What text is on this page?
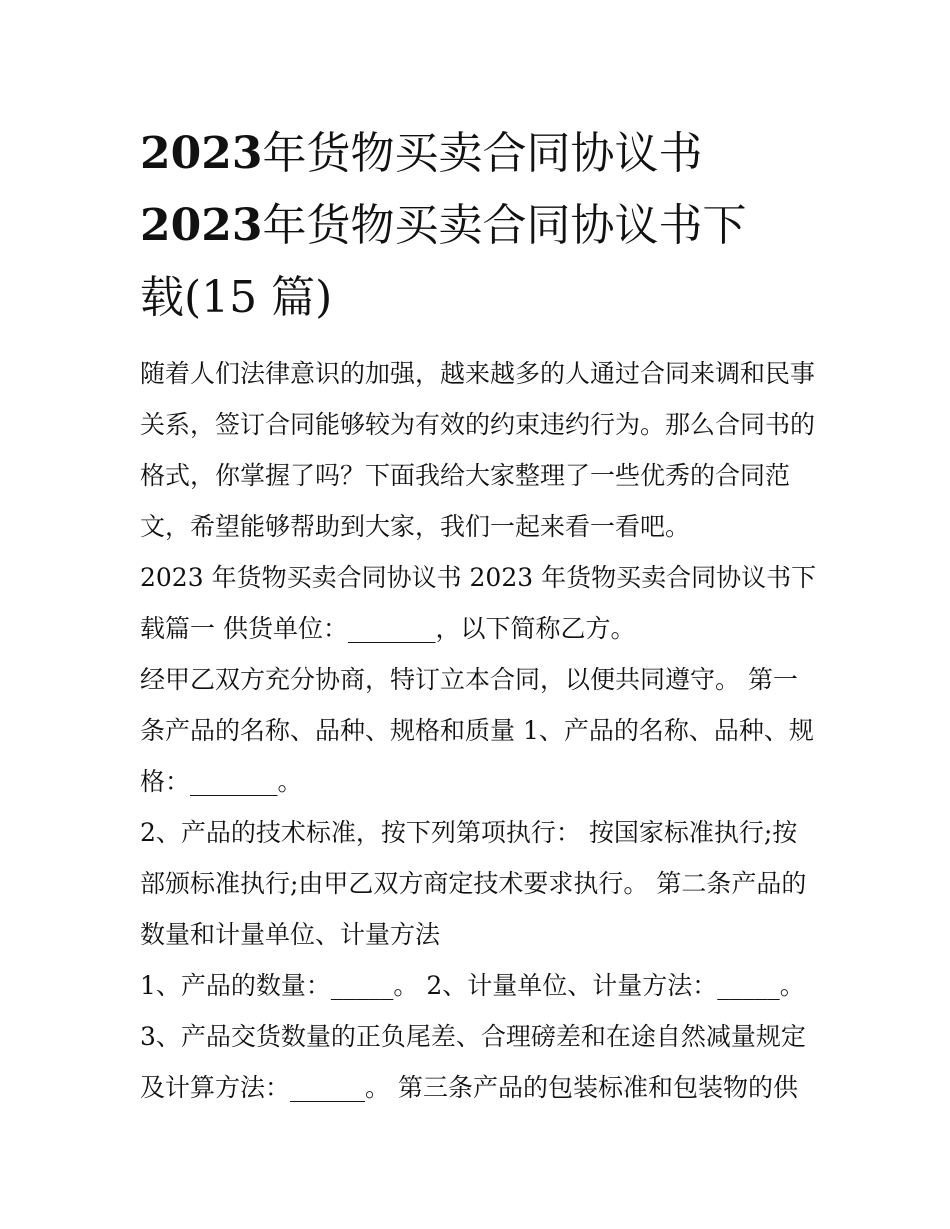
2023年货物买卖合同协议书
2023年货物买卖合同协议书下
载(15 篇)

随着人们法律意识的加强，越来越多的人通过合同来调和民事关系，签订合同能够较为有效的约束违约行为。那么合同书的格式，你掌握了吗？下面我给大家整理了一些优秀的合同范文，希望能够帮助到大家，我们一起来看一看吧。

2023 年货物买卖合同协议书 2023 年货物买卖合同协议书下载篇一 供货单位：_______，以下简称乙方。

经甲乙双方充分协商，特订立本合同，以便共同遵守。 第一条产品的名称、品种、规格和质量 1、产品的名称、品种、规格：_______。

2、产品的技术标准，按下列第项执行： 按国家标准执行;按部颁标准执行;由甲乙双方商定技术要求执行。 第二条产品的数量和计量单位、计量方法

1、产品的数量：_____。 2、计量单位、计量方法：_____。

3、产品交货数量的正负尾差、合理磅差和在途自然减量规定及计算方法：______。 第三条产品的包装标准和包装物的供
